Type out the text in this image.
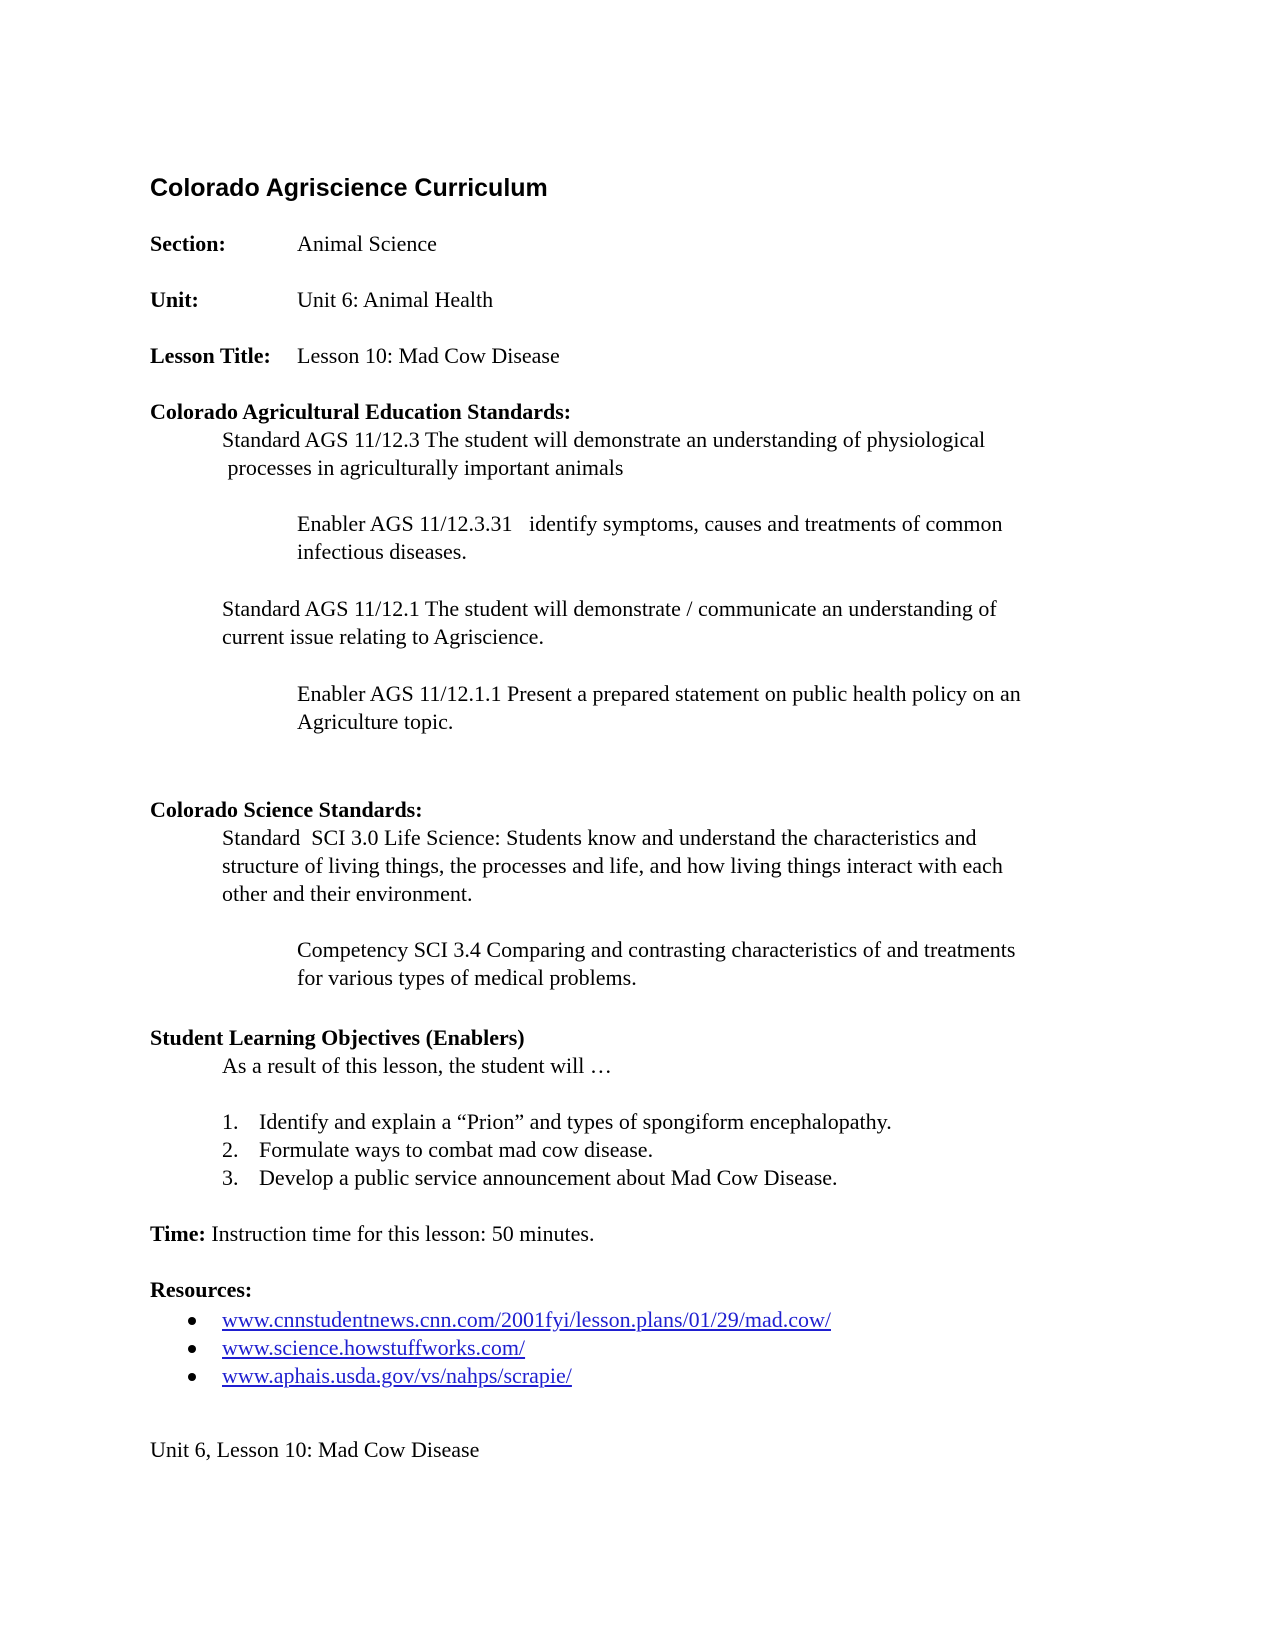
Colorado Agriscience Curriculum
Section:	Animal Science
Unit:	Unit 6: Animal Health
Lesson Title: Lesson 10: Mad Cow Disease
Colorado Agricultural Education Standards:
Standard AGS 11/12.3 The student will demonstrate an understanding of physiological
processes in agriculturally important animals
Enabler AGS 11/12.3.31   identify symptoms, causes and treatments of common
infectious diseases.
Standard AGS 11/12.1 The student will demonstrate / communicate an understanding of
current issue relating to Agriscience.
Enabler AGS 11/12.1.1 Present a prepared statement on public health policy on an
Agriculture topic.
Colorado Science Standards:
Standard  SCI 3.0 Life Science: Students know and understand the characteristics and
structure of living things, the processes and life, and how living things interact with each
other and their environment.
Competency SCI 3.4 Comparing and contrasting characteristics of and treatments
for various types of medical problems.
Student Learning Objectives (Enablers)
As a result of this lesson, the student will …
1. Identify and explain a “Prion” and types of spongiform encephalopathy.
2. Formulate ways to combat mad cow disease.
3. Develop a public service announcement about Mad Cow Disease.
Time: Instruction time for this lesson: 50 minutes.
Resources:
www.cnnstudentnews.cnn.com/2001fyi/lesson.plans/01/29/mad.cow/
www.science.howstuffworks.com/
www.aphais.usda.gov/vs/nahps/scrapie/
Unit 6, Lesson 10: Mad Cow Disease
